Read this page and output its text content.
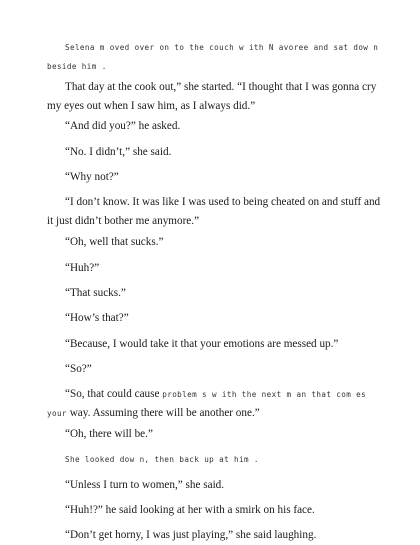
Selena m oved over on to the couch w ith N avoree and sat dow n beside him .

That day at the cook out,” she started. “I thought that I was gonna cry my eyes out when I saw him, as I always did.”

“And did you?” he asked.

“No. I didn’t,” she said.

“Why not?”

“I don’t know. It was like I was used to being cheated on and stuff and it just didn’t bother me anymore.”

“Oh, well that sucks.”

“Huh?”

“That sucks.”

“How’s that?”

“Because, I would take it that your emotions are messed up.”

“So?”

“So, that could cause problem s w ith the next m an that com es your way. Assuming there will be another one.”

“Oh, there will be.”

She looked dow n, then back up at him .

“Unless I turn to women,” she said.

“Huh!?” he said looking at her with a smirk on his face.

“Don’t get horny, I was just playing,” she said laughing.
